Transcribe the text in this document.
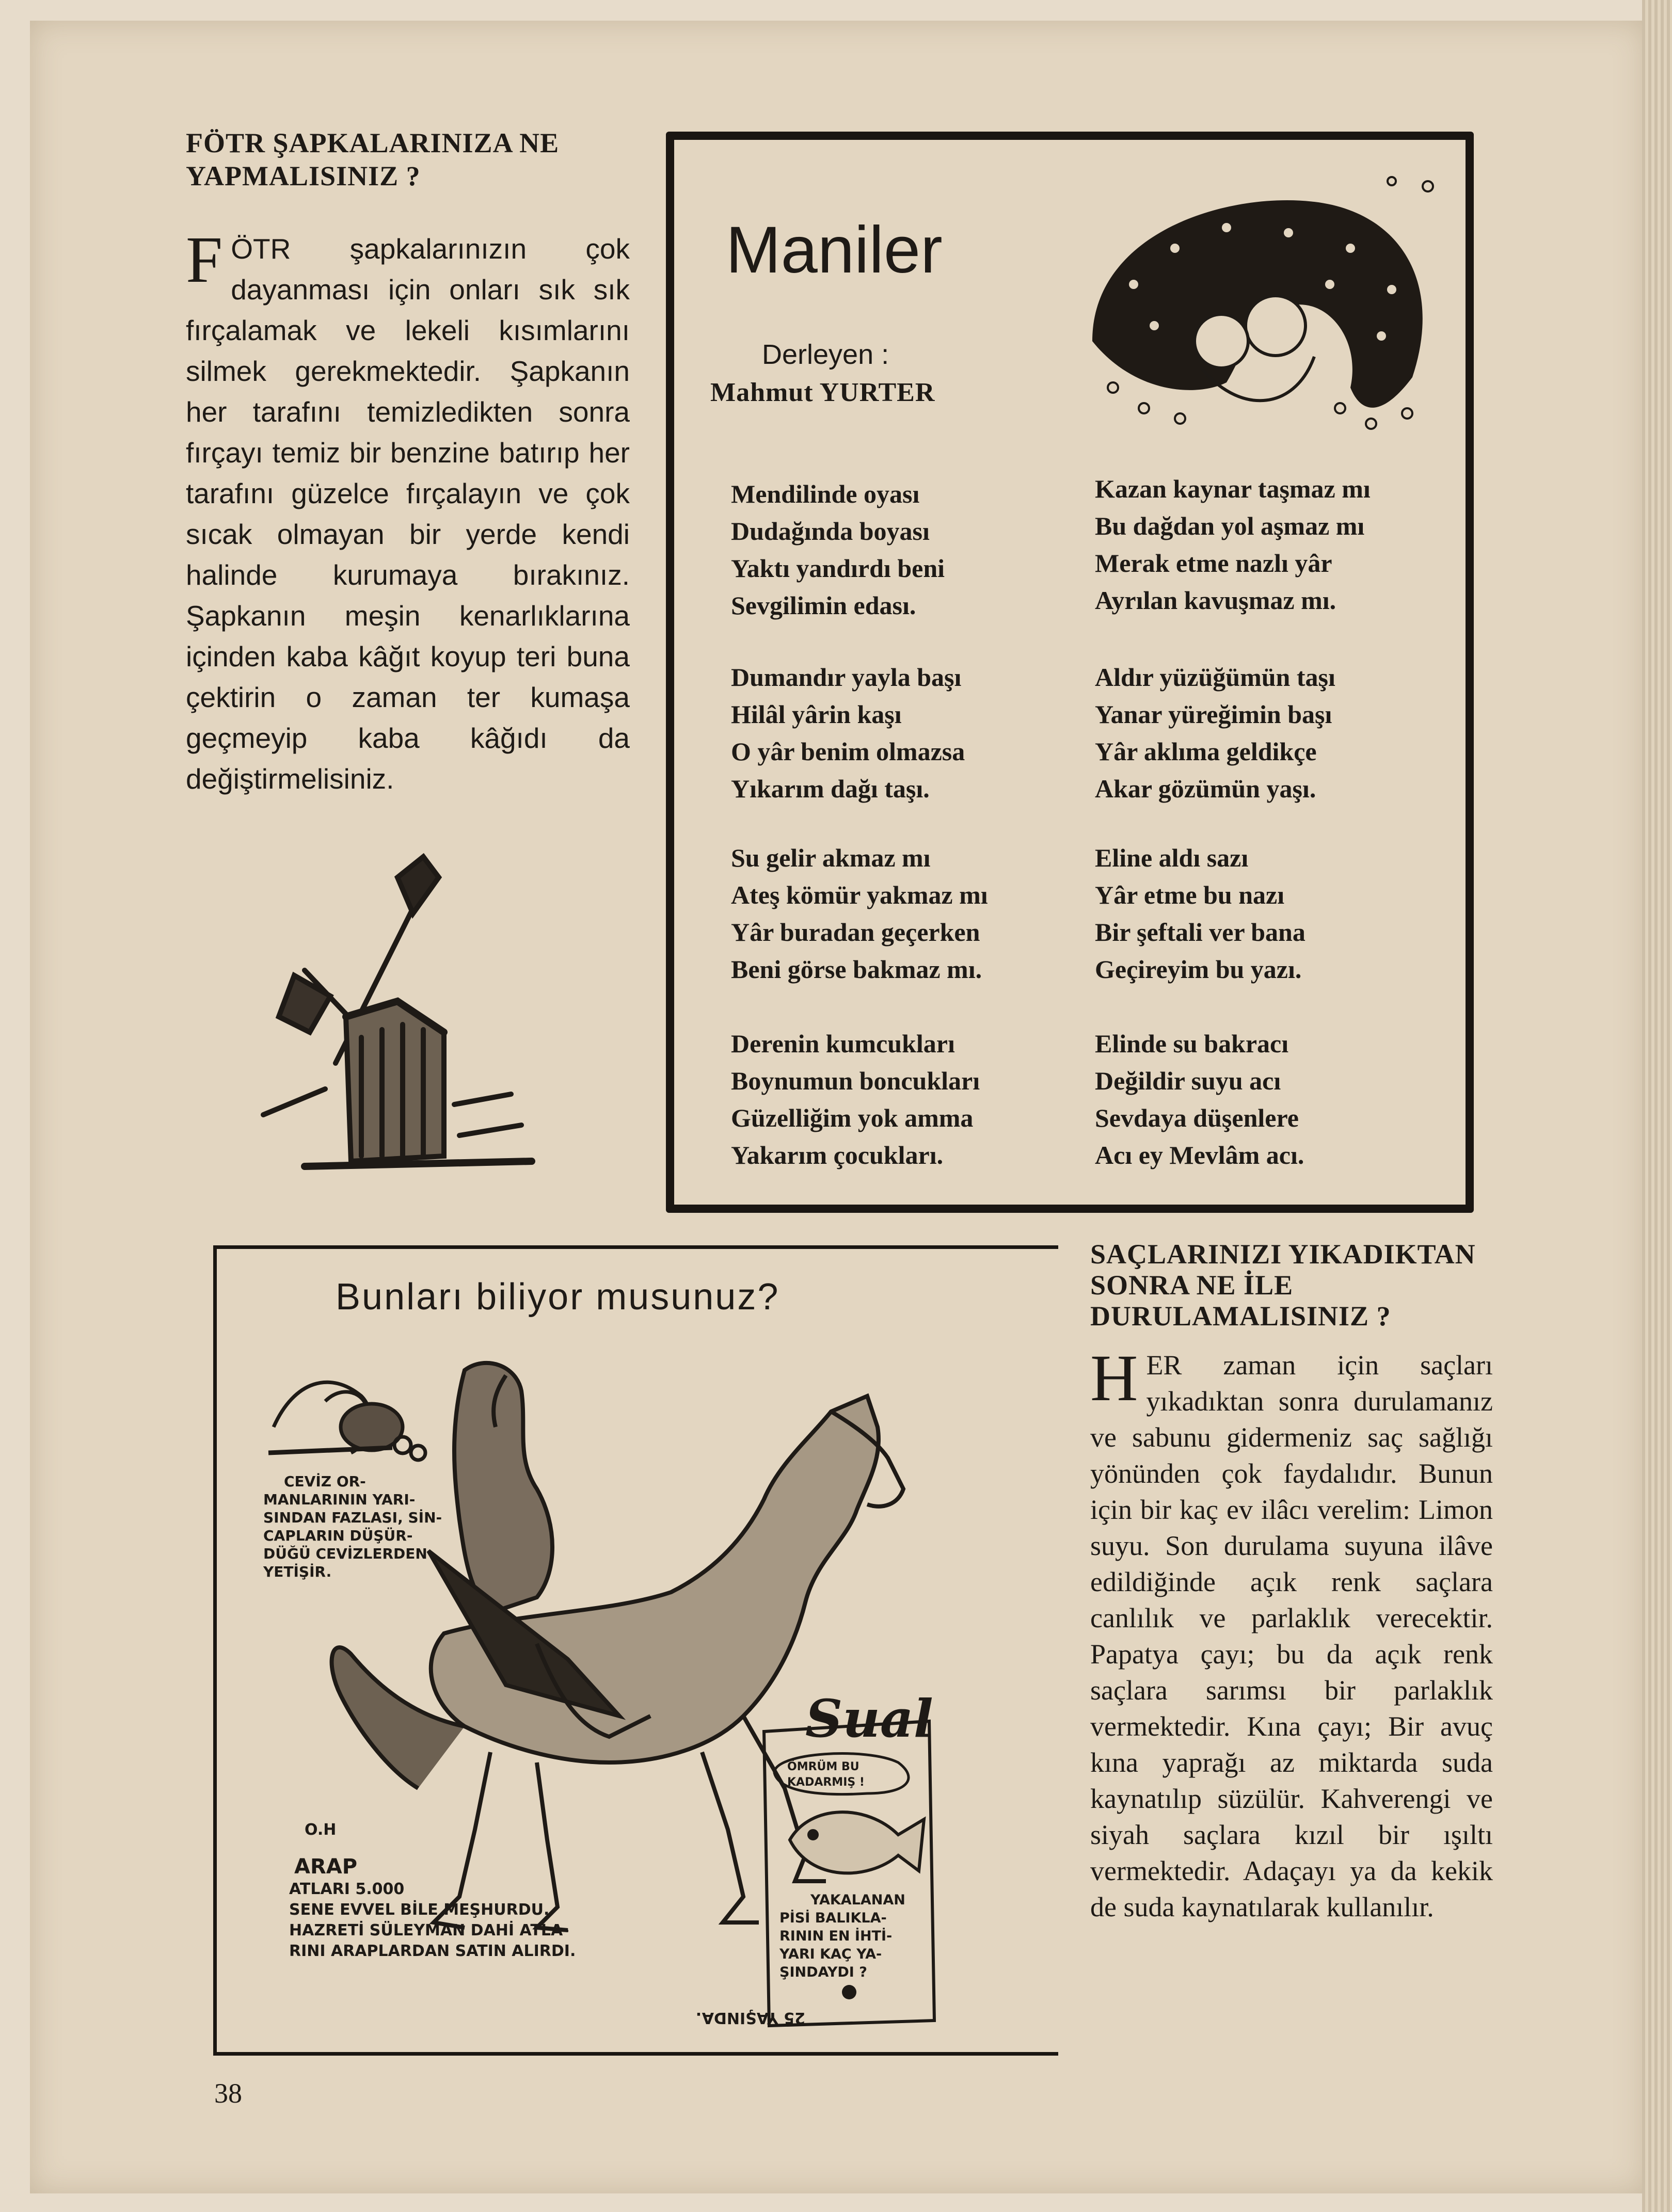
FÖTR ŞAPKALARINIZA NE YAPMALISINIZ ?

F ÖTR şapkalarınızın çok dayanması için onları sık sık fırçalamak ve lekeli kısımlarını silmek gerekmektedir. Şapkanın her tarafını temizledikten sonra fırçayı temiz bir benzine batırıp her tarafını güzelce fırçalayın ve çok sıcak olmayan bir yerde kendi halinde kurumaya bırakınız. Şapkanın meşin kenarlıklarına içinden kaba kâğıt koyup teri buna çektirin o zaman ter kumaşa geçmeyip kaba kâğıdı da değiştirmelisiniz.

Maniler
Derleyen :
Mahmut YURTER

Mendilinde oyası

Dudağında boyası

Yaktı yandırdı beni

Sevgilimin edası.

Kazan kaynar taşmaz mı

Bu dağdan yol aşmaz mı

Merak etme nazlı yâr

Ayrılan kavuşmaz mı.

Dumandır yayla başı

Hilâl yârin kaşı

O yâr benim olmazsa

Yıkarım dağı taşı.

Aldır yüzüğümün taşı

Yanar yüreğimin başı

Yâr aklıma geldikçe

Akar gözümün yaşı.

Su gelir akmaz mı

Ateş kömür yakmaz mı

Yâr buradan geçerken

Beni görse bakmaz mı.

Eline aldı sazı

Yâr etme bu nazı

Bir şeftali ver bana

Geçireyim bu yazı.

Derenin kumcukları

Boynumun boncukları

Güzelliğim yok amma

Yakarım çocukları.

Elinde su bakracı

Değildir suyu acı

Sevdaya düşenlere

Acı ey Mevlâm acı.

Bunları biliyor musunuz?
CEVİZ OR-
MANLARININ YARI-
SINDAN FAZLASI, SİN-
CAPLARIN DÜŞÜR-
DÜĞÜ CEVİZLERDEN
YETİŞİR.
O.H
ARAP
ATLARI 5.000
SENE EVVEL BİLE MEŞHURDU.
HAZRETİ SÜLEYMAN DAHİ ATLA-
RINI ARAPLARDAN SATIN ALIRDI.
Sual
ÖMRÜM BU
KADARMIŞ !
YAKALANAN
PİSİ BALIKLA-
RININ EN İHTİ-
YARI KAÇ YA-
ŞINDAYDI ?
25 YAŞINDA.
SAÇLARINIZI YIKADIKTAN SONRA NE İLE DURULAMALISINIZ ?

H ER zaman için saçları yıkadıktan sonra durulamanız ve sabunu gidermeniz saç sağlığı yönünden çok faydalıdır. Bunun için bir kaç ev ilâcı verelim: Limon suyu. Son durulama suyuna ilâve edildiğinde açık renk saçlara canlılık ve parlaklık verecektir. Papatya çayı; bu da açık renk saçlara sarımsı bir parlaklık vermektedir. Kına çayı; Bir avuç kına yaprağı az miktarda suda kaynatılıp süzülür. Kahverengi ve siyah saçlara kızıl bir ışıltı vermektedir. Adaçayı ya da kekik de suda kaynatılarak kullanılır.

38
